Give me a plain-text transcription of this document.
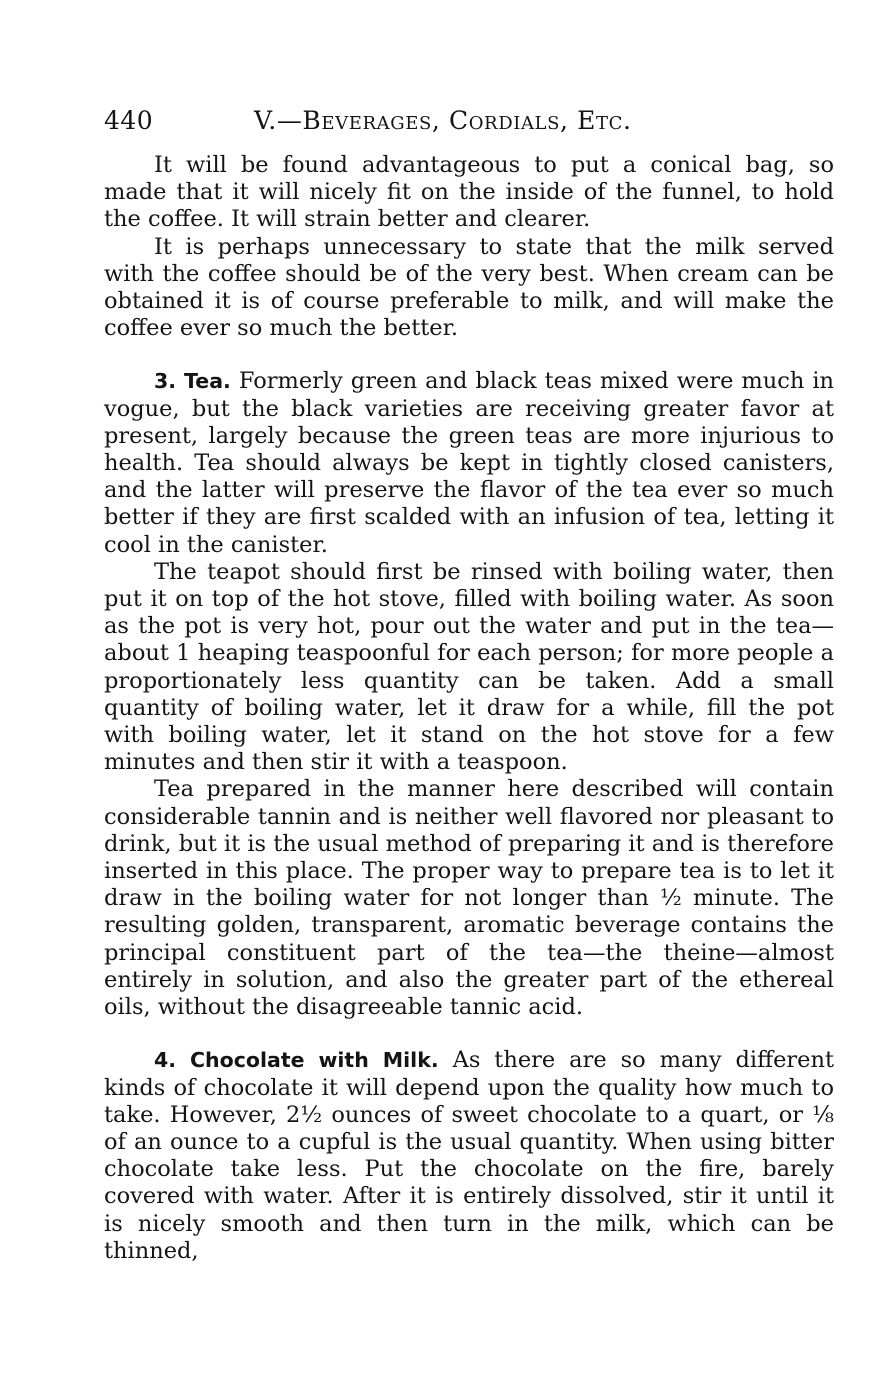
440	V.—Beverages, Cordials, Etc.

It will be found advantageous to put a conical bag, so made that it will nicely fit on the inside of the funnel, to hold the coffee. It will strain better and clearer.

It is perhaps unnecessary to state that the milk served with the coffee should be of the very best. When cream can be obtained it is of course preferable to milk, and will make the coffee ever so much the better.

3. Tea. Formerly green and black teas mixed were much in vogue, but the black varieties are receiving greater favor at present, largely because the green teas are more injurious to health. Tea should always be kept in tightly closed canisters, and the latter will preserve the flavor of the tea ever so much better if they are first scalded with an infusion of tea, letting it cool in the canister.

The teapot should first be rinsed with boiling water, then put it on top of the hot stove, filled with boiling water. As soon as the pot is very hot, pour out the water and put in the tea—about 1 heaping teaspoonful for each person; for more people a proportionately less quantity can be taken. Add a small quantity of boiling water, let it draw for a while, fill the pot with boiling water, let it stand on the hot stove for a few minutes and then stir it with a teaspoon.

Tea prepared in the manner here described will contain considerable tannin and is neither well flavored nor pleasant to drink, but it is the usual method of preparing it and is therefore inserted in this place. The proper way to prepare tea is to let it draw in the boiling water for not longer than ½ minute. The resulting golden, transparent, aromatic beverage contains the principal constituent part of the tea—the theine—almost entirely in solution, and also the greater part of the ethereal oils, without the disagreeable tannic acid.

4. Chocolate with Milk. As there are so many different kinds of chocolate it will depend upon the quality how much to take. However, 2½ ounces of sweet chocolate to a quart, or ⅛ of an ounce to a cupful is the usual quantity. When using bitter chocolate take less. Put the chocolate on the fire, barely covered with water. After it is entirely dissolved, stir it until it is nicely smooth and then turn in the milk, which can be thinned,
